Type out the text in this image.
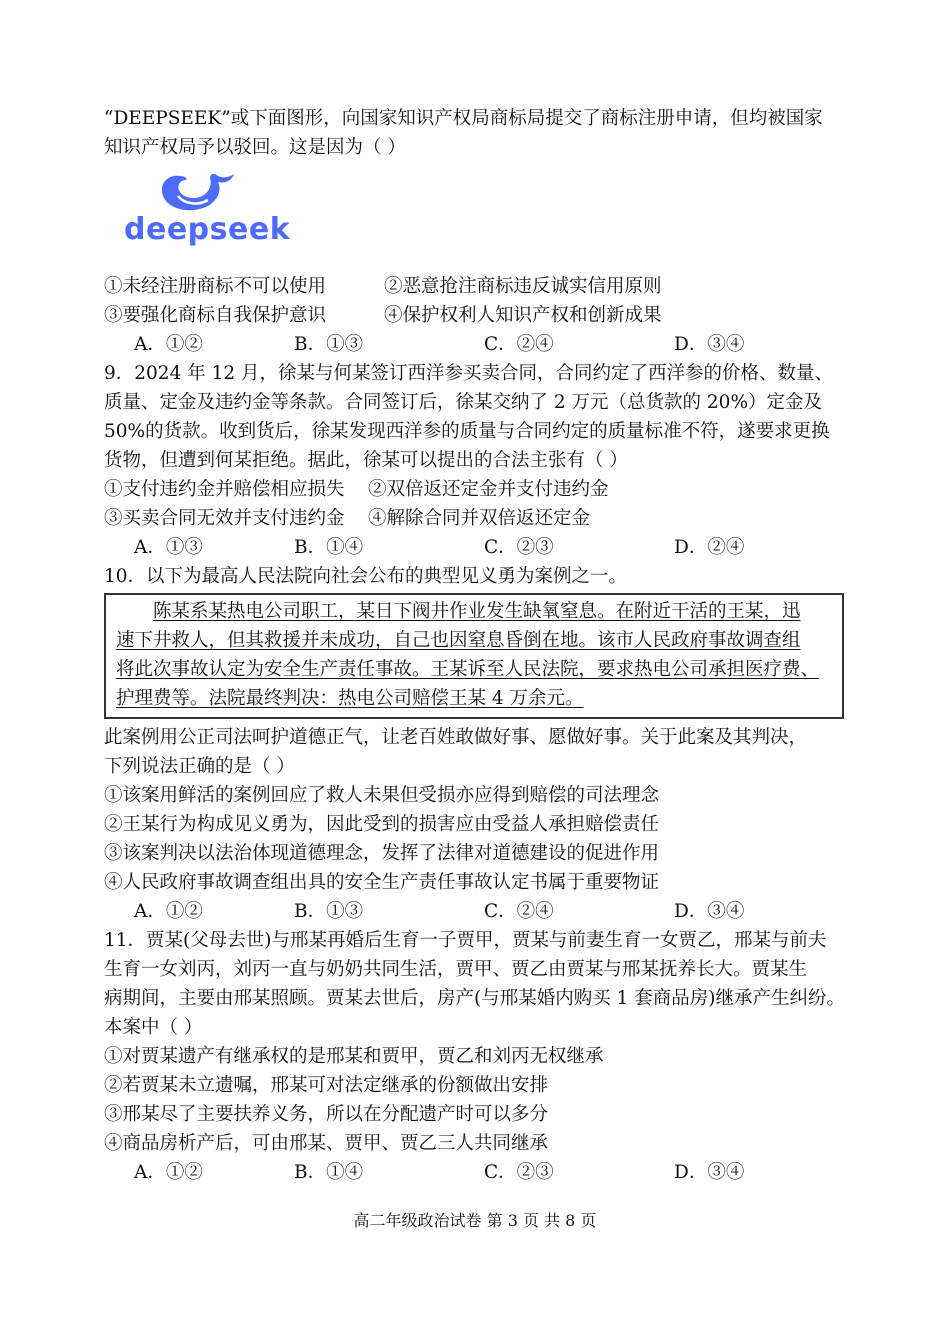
“DEEPSEEK”或下面图形，向国家知识产权局商标局提交了商标注册申请，但均被国家
知识产权局予以驳回。这是因为（ ）
deepseek
①未经注册商标不可以使用	②恶意抢注商标违反诚实信用原则
③要强化商标自我保护意识	④保护权利人知识产权和创新成果
A．①②	B．①③	C．②④	D．③④
9．2024 年 12 月，徐某与何某签订西洋参买卖合同，合同约定了西洋参的价格、数量、
质量、定金及违约金等条款。合同签订后，徐某交纳了 2 万元（总货款的 20%）定金及
50%的货款。收到货后，徐某发现西洋参的质量与合同约定的质量标准不符，遂要求更换
货物，但遭到何某拒绝。据此，徐某可以提出的合法主张有（ ）
①支付违约金并赔偿相应损失 ②双倍返还定金并支付违约金
③买卖合同无效并支付违约金 ④解除合同并双倍返还定金
A．①③	B．①④	C．②③	D．②④
10．以下为最高人民法院向社会公布的典型见义勇为案例之一。
陈某系某热电公司职工，某日下阀井作业发生缺氧窒息。在附近干活的王某，迅
速下井救人，但其救援并未成功，自己也因窒息昏倒在地。该市人民政府事故调查组
将此次事故认定为安全生产责任事故。王某诉至人民法院，要求热电公司承担医疗费、
护理费等。法院最终判决：热电公司赔偿王某 4 万余元。
此案例用公正司法呵护道德正气，让老百姓敢做好事、愿做好事。关于此案及其判决，
下列说法正确的是（ ）
①该案用鲜活的案例回应了救人未果但受损亦应得到赔偿的司法理念
②王某行为构成见义勇为，因此受到的损害应由受益人承担赔偿责任
③该案判决以法治体现道德理念，发挥了法律对道德建设的促进作用
④人民政府事故调查组出具的安全生产责任事故认定书属于重要物证
A．①②	B．①③	C．②④	D．③④
11．贾某(父母去世)与邢某再婚后生育一子贾甲，贾某与前妻生育一女贾乙，邢某与前夫
生育一女刘丙，刘丙一直与奶奶共同生活，贾甲、贾乙由贾某与邢某抚养长大。贾某生
病期间，主要由邢某照顾。贾某去世后，房产(与邢某婚内购买 1 套商品房)继承产生纠纷。
本案中（ ）
①对贾某遗产有继承权的是邢某和贾甲，贾乙和刘丙无权继承
②若贾某未立遗嘱，邢某可对法定继承的份额做出安排
③邢某尽了主要扶养义务，所以在分配遗产时可以多分
④商品房析产后，可由邢某、贾甲、贾乙三人共同继承
A．①②	B．①④	C．②③	D．③④
高二年级政治试卷 第 3 页 共 8 页
